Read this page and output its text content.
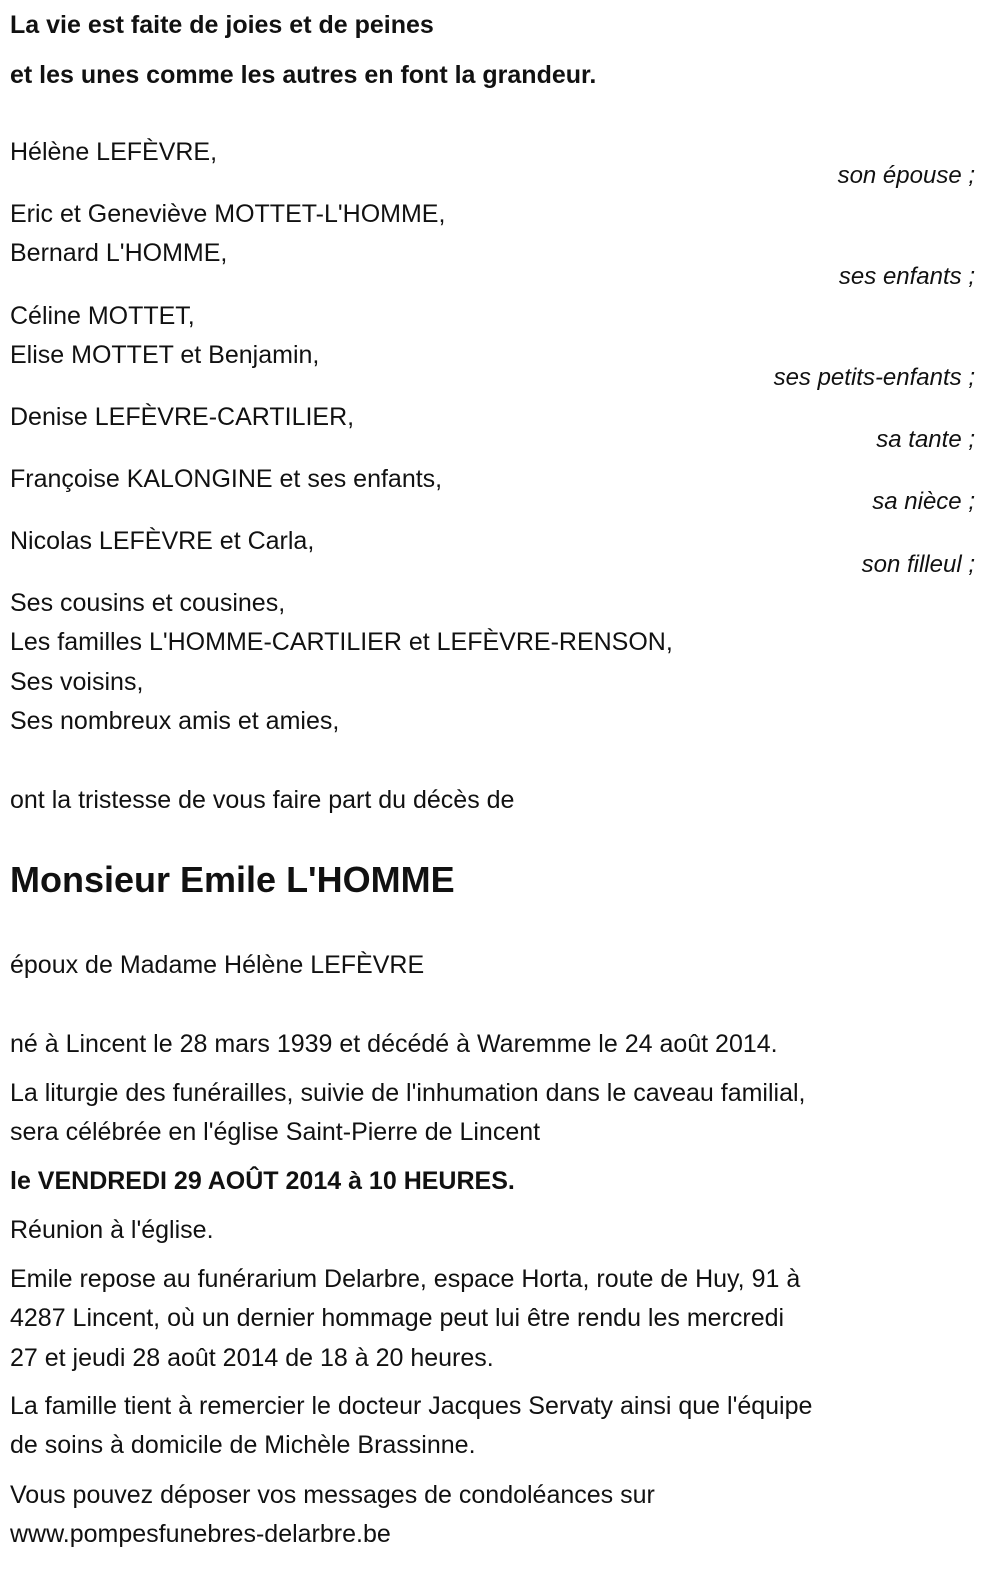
La vie est faite de joies et de peines
et les unes comme les autres en font la grandeur.
Hélène LEFÈVRE,
son épouse ;
Eric et Geneviève MOTTET-L'HOMME,
Bernard L'HOMME,
ses enfants ;
Céline MOTTET,
Elise MOTTET et Benjamin,
ses petits-enfants ;
Denise LEFÈVRE-CARTILIER,
sa tante ;
Françoise KALONGINE et ses enfants,
sa nièce ;
Nicolas LEFÈVRE et Carla,
son filleul ;
Ses cousins et cousines,
Les familles L'HOMME-CARTILIER et LEFÈVRE-RENSON,
Ses voisins,
Ses nombreux amis et amies,
ont la tristesse de vous faire part du décès de
Monsieur Emile L'HOMME
époux de Madame Hélène LEFÈVRE
né à Lincent le 28 mars 1939 et décédé à Waremme le 24 août 2014.
La liturgie des funérailles, suivie de l'inhumation dans le caveau familial,
sera célébrée en l'église Saint-Pierre de Lincent
le VENDREDI 29 AOÛT 2014 à 10 HEURES.
Réunion à l'église.
Emile repose au funérarium Delarbre, espace Horta, route de Huy, 91 à
4287 Lincent, où un dernier hommage peut lui être rendu les mercredi
27 et jeudi 28 août 2014 de 18 à 20 heures.
La famille tient à remercier le docteur Jacques Servaty ainsi que l'équipe
de soins à domicile de Michèle Brassinne.
Vous pouvez déposer vos messages de condoléances sur
www.pompesfunebres-delarbre.be
